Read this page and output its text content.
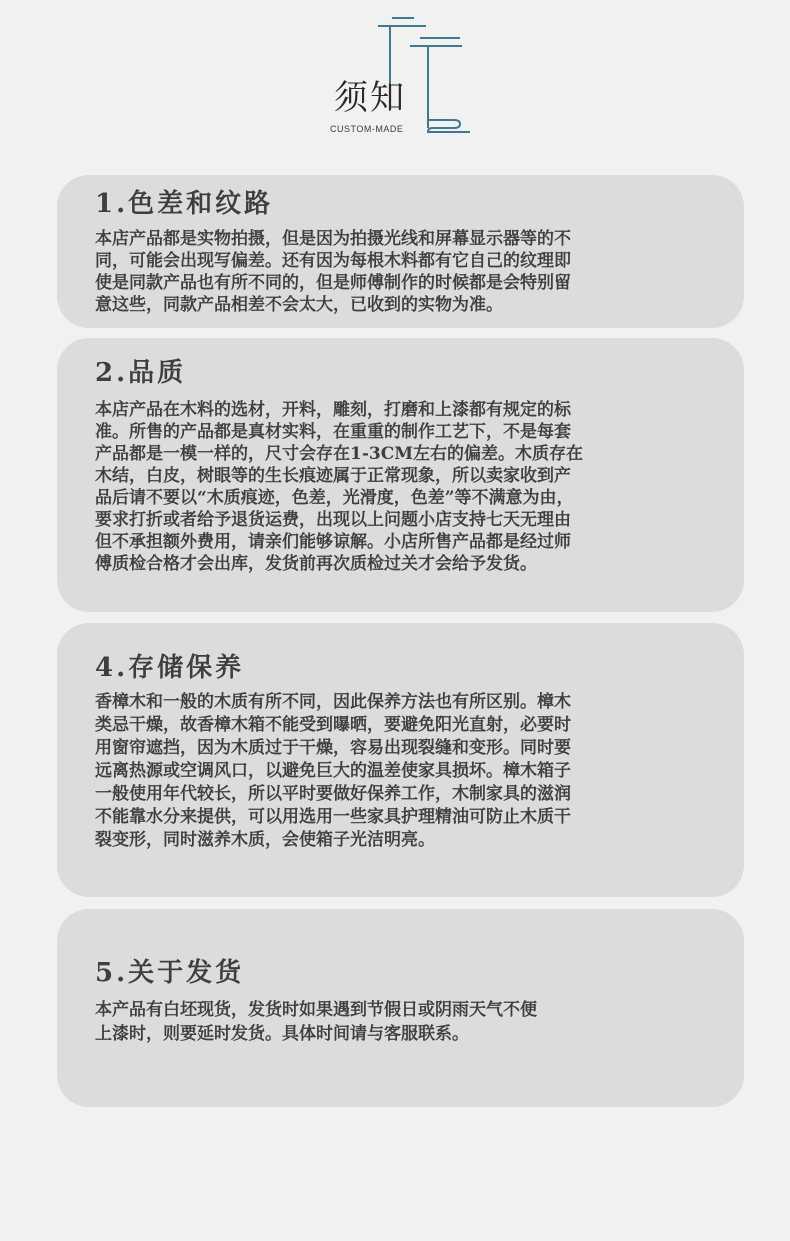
须知
CUSTOM-MADE
1.色差和纹路
本店产品都是实物拍摄，但是因为拍摄光线和屏幕显示器等的不
同，可能会出现写偏差。还有因为每根木料都有它自己的纹理即
使是同款产品也有所不同的，但是师傅制作的时候都是会特别留
意这些，同款产品相差不会太大，已收到的实物为准。
2.品质
本店产品在木料的选材，开料，雕刻，打磨和上漆都有规定的标
准。所售的产品都是真材实料，在重重的制作工艺下，不是每套
产品都是一模一样的，尺寸会存在1-3CM左右的偏差。木质存在
木结，白皮，树眼等的生长痕迹属于正常现象，所以卖家收到产
品后请不要以“木质痕迹，色差，光滑度，色差”等不满意为由，
要求打折或者给予退货运费，出现以上问题小店支持七天无理由
但不承担额外费用，请亲们能够谅解。小店所售产品都是经过师
傅质检合格才会出库，发货前再次质检过关才会给予发货。
4.存储保养
香樟木和一般的木质有所不同，因此保养方法也有所区别。樟木
类忌干燥，故香樟木箱不能受到曝晒，要避免阳光直射，必要时
用窗帘遮挡，因为木质过于干燥，容易出现裂缝和变形。同时要
远离热源或空调风口，以避免巨大的温差使家具损坏。樟木箱子
一般使用年代较长，所以平时要做好保养工作，木制家具的滋润
不能靠水分来提供，可以用选用一些家具护理精油可防止木质干
裂变形，同时滋养木质，会使箱子光洁明亮。
5.关于发货
本产品有白坯现货，发货时如果遇到节假日或阴雨天气不便
上漆时，则要延时发货。具体时间请与客服联系。
